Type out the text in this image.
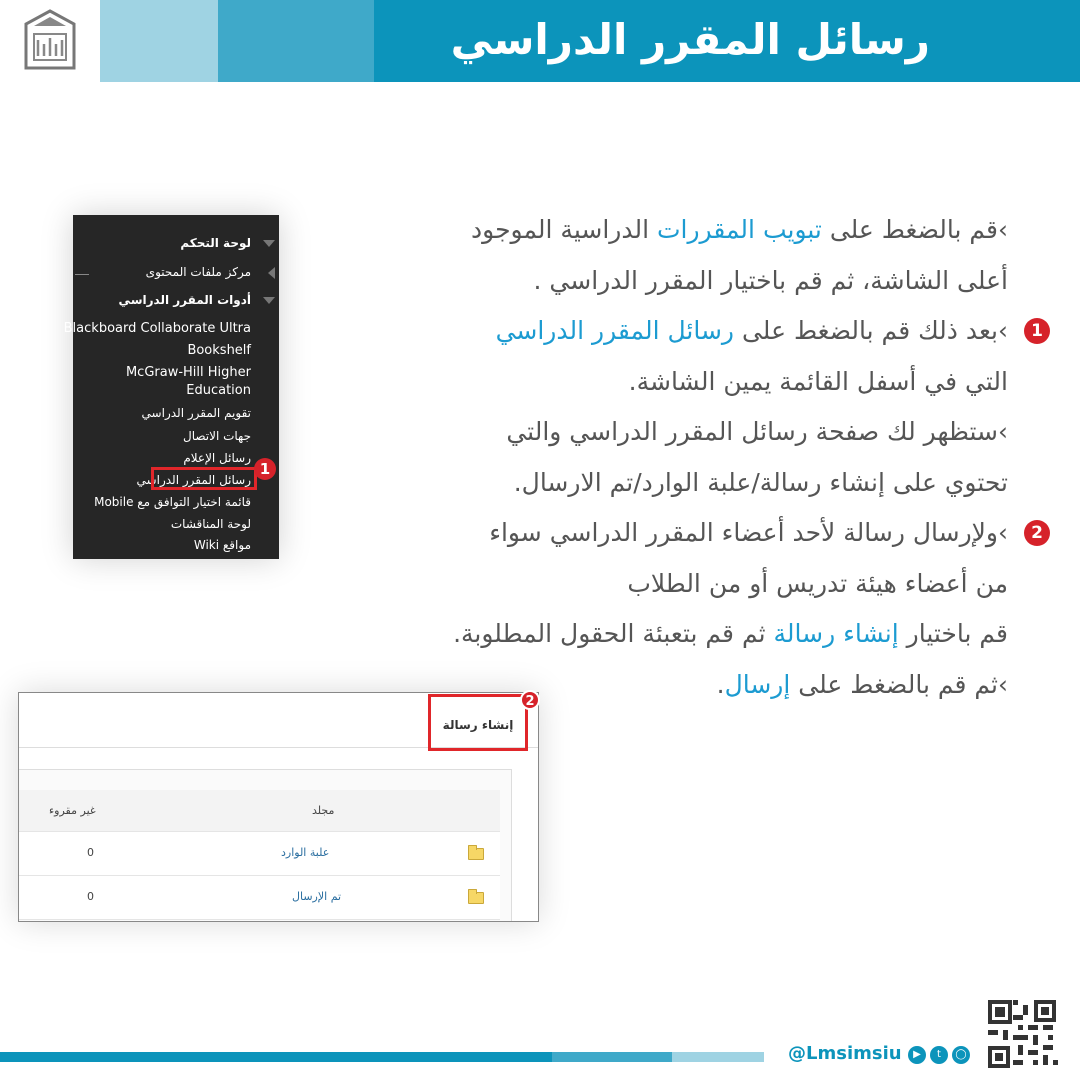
رسائل المقرر الدراسي
›قم بالضغط على تبويب المقررات الدراسية الموجود
أعلى الشاشة، ثم قم باختيار المقرر الدراسي .
1
›بعد ذلك قم بالضغط على رسائل المقرر الدراسي
التي في أسفل القائمة يمين الشاشة.
›ستظهر لك صفحة رسائل المقرر الدراسي والتي
تحتوي على إنشاء رسالة/علبة الوارد/تم الارسال.
2
›ولإرسال رسالة لأحد أعضاء المقرر الدراسي سواء
من أعضاء هيئة تدريس أو من الطلاب
قم باختيار إنشاء رسالة ثم قم بتعبئة الحقول المطلوبة.
›ثم قم بالضغط على إرسال.
لوحة التحكم
مركز ملفات المحتوى
أدوات المقرر الدراسي
Blackboard Collaborate Ultra
Bookshelf
McGraw-Hill Higher
Education
تقويم المقرر الدراسي
جهات الاتصال
رسائل الإعلام
رسائل المقرر الدراسي
قائمة اختيار التوافق مع Mobile
لوحة المناقشات
مواقع Wiki
1
إنشاء رسالة
مجلد
غير مقروء
علبة الوارد
0
تم الإرسال
0
2
@Lmsimsiu	▶	t	◯
